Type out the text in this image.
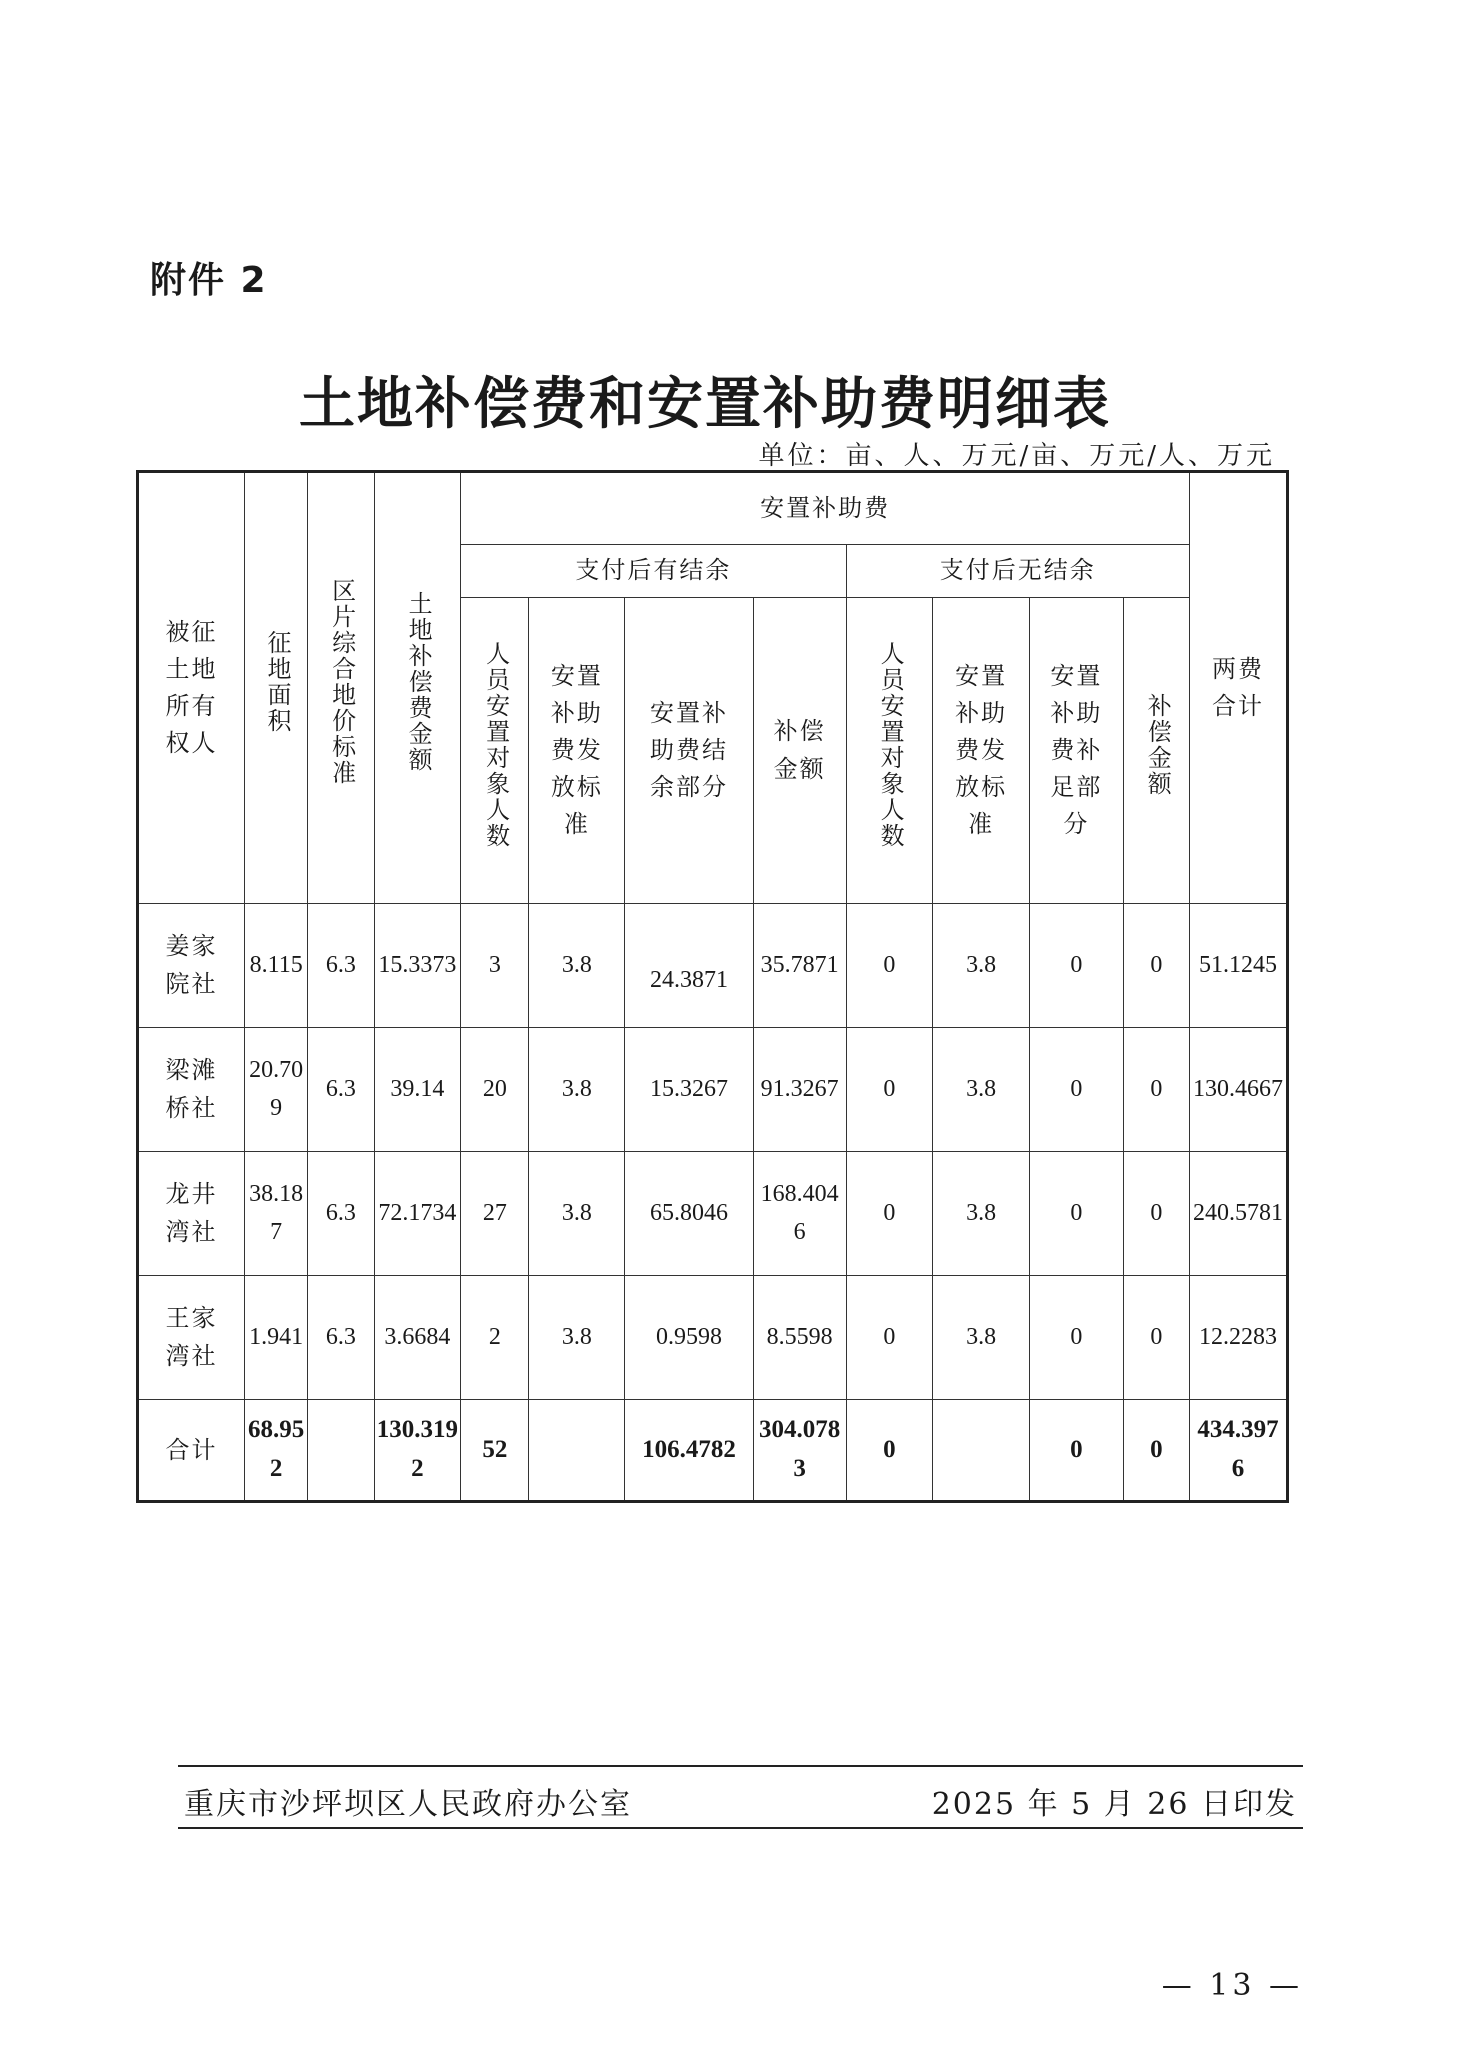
附件 2
土地补偿费和安置补助费明细表
单位：亩、人、万元/亩、万元/人、万元
被征土地所有权人	征地面积	区片综合地价标准	土地补偿费金额	安置补助费								两费合计
				支付后有结余				支付后无结余				
				人员安置对象人数	安置补助费发放标准	安置补助费结余部分	补偿金额	人员安置对象人数	安置补助费发放标准	安置补助费补足部分	补偿金额	
姜家院社	8.115	6.3	15.3373	3	3.8	24.3871	35.7871	0	3.8	0	0	51.1245

梁滩桥社	20.709	6.3	39.14	20	3.8	15.3267	91.3267	0	3.8	0	0	130.4667

龙井湾社	38.187	6.3	72.1734	27	3.8	65.8046	168.4046	0	3.8	0	0	240.5781

王家湾社	1.941	6.3	3.6684	2	3.8	0.9598	8.5598	0	3.8	0	0	12.2283

合计	68.952		130.3192	52		106.4782	304.0783	0		0	0	434.3976
重庆市沙坪坝区人民政府办公室	2025 年 5 月 26 日印发
— 13 —
